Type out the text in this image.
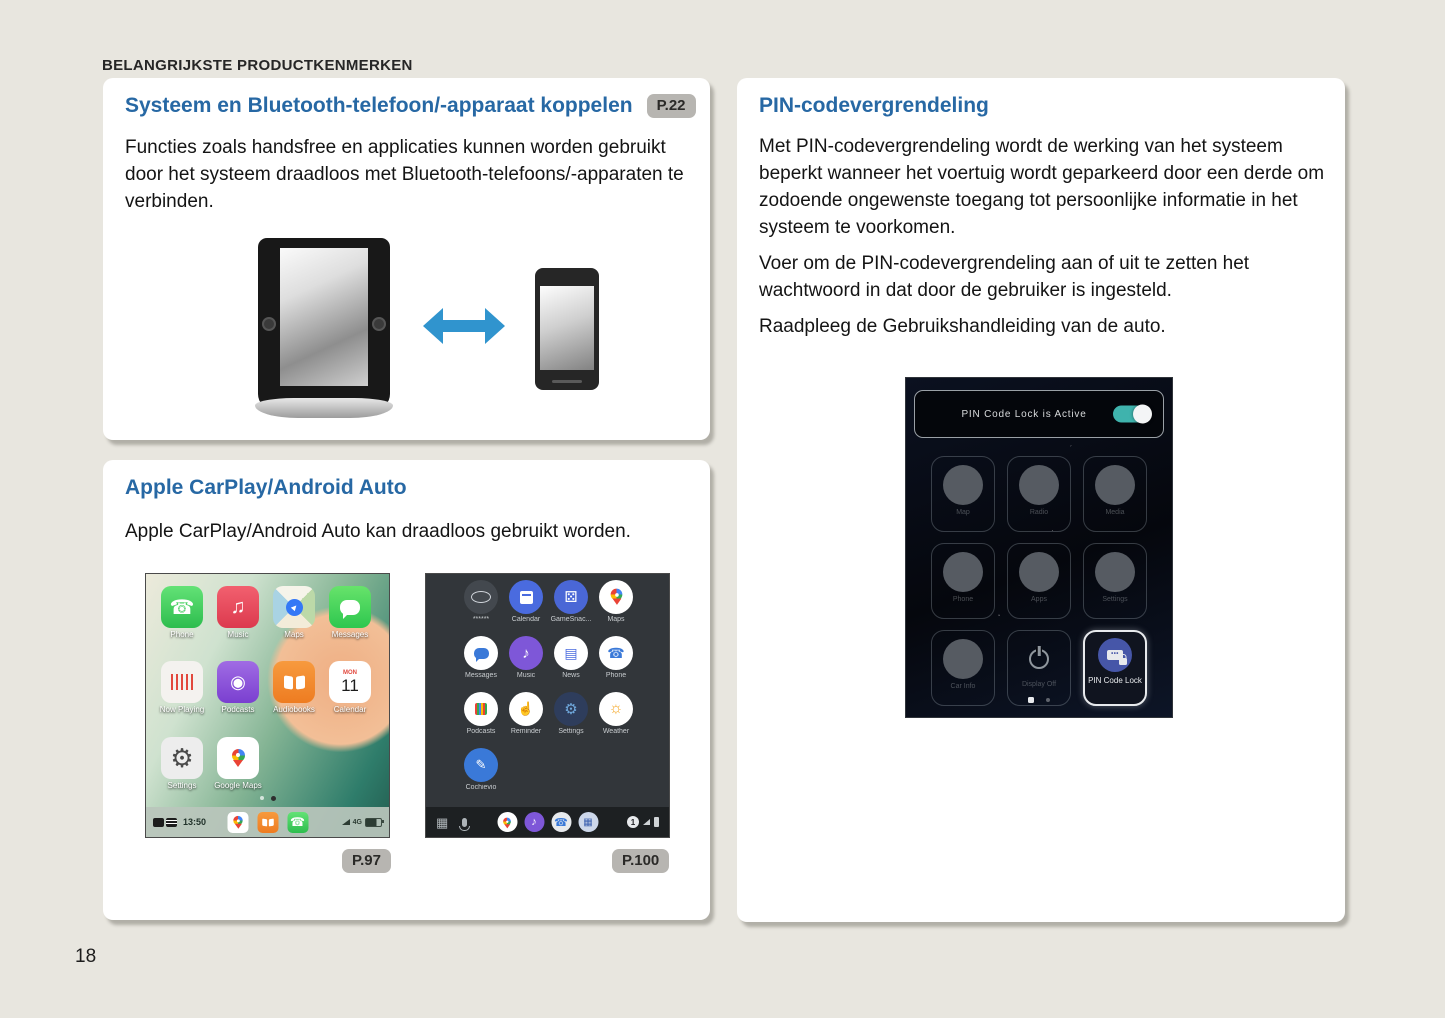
BELANGRIJKSTE PRODUCTKENMERKEN
Systeem en Bluetooth-telefoon/-apparaat koppelen	P.22

Functies zoals handsfree en applicaties kunnen worden gebruikt door het systeem draadloos met Bluetooth-telefoons/-apparaten te verbinden.

Apple CarPlay/Android Auto

Apple CarPlay/Android Auto kan draadloos gebruikt worden.

☎
Phone
♫
Music
▲
Maps	Messages
Now Playing
◉
Podcasts	Audiobooks
MON
11
Calendar
⚙
Settings	Google Maps
13:50	☎	4G
******	Calendar
⚄
GameSnac...	Maps
Messages
♪
Music
▤
News
☎
Phone
Podcasts
☝
Reminder
⚙
Settings
☼
Weather
✎
Cochievio
▦	♪	☎	▦	1
P.97	P.100
PIN-codevergrendeling

Met PIN-codevergrendeling wordt de werking van het systeem beperkt wanneer het voertuig wordt geparkeerd door een derde om zodoende ongewenste toegang tot persoonlijke informatie in het systeem te voorkomen.

Voer om de PIN-codevergrendeling aan of uit te zetten het wachtwoord in dat door de gebruiker is ingesteld.

Raadpleeg de Gebruikshandleiding van de auto.

PIN Code Lock is Active
Map	Radio	Media
Phone	Apps	Settings
Car Info	Display Off
•••
PIN Code Lock
18
